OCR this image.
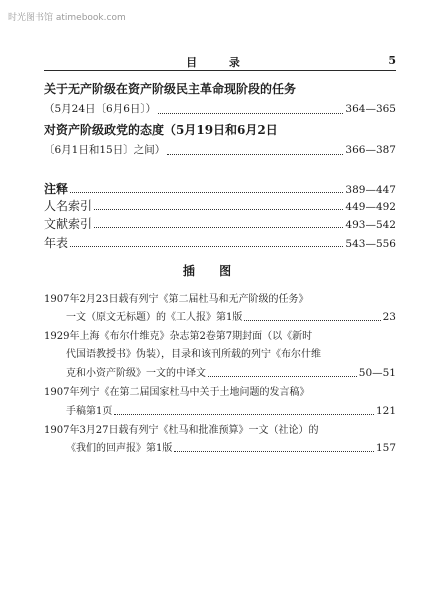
时光图书馆 atimebook.com
目 录	5
关于无产阶级在资产阶级民主革命现阶段的任务
（5月24日〔6月6日〕）	364—365
对资产阶级政党的态度（5月19日和6月2日
〔6月1日和15日〕之间）	366—387
注释	389—447
人名索引	449—492
文献索引	493—542
年表	543—556
插 图
1907年2月23日载有列宁《第二届杜马和无产阶级的任务》
一文（原文无标题）的《工人报》第1版	23
1929年上海《布尔什维克》杂志第2卷第7期封面（以《新时
代国语教授书》伪装），目录和该刊所载的列宁《布尔什维
克和小资产阶级》一文的中译文	50—51
1907年列宁《在第二届国家杜马中关于土地问题的发言稿》
手稿第1页	121
1907年3月27日载有列宁《杜马和批准预算》一文（社论）的
《我们的回声报》第1版	157
